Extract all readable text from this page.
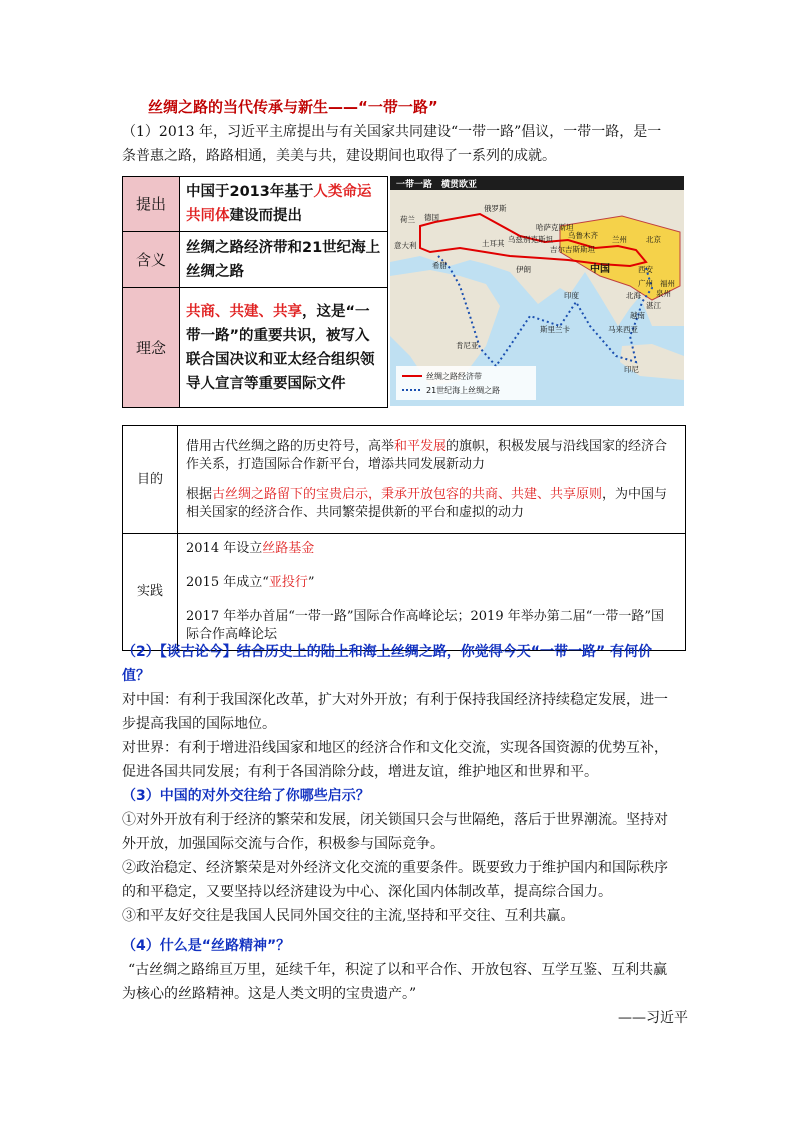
丝绸之路的当代传承与新生——“一带一路”
（1）2013 年，习近平主席提出与有关国家共同建设“一带一路”倡议，一带一路，是一
条普惠之路，路路相通，美美与共，建设期间也取得了一系列的成就。
提出	中国于2013年基于人类命运共同体建设而提出
含义	丝绸之路经济带和21世纪海上丝绸之路
理念	共商、共建、共享，这是“一带一路”的重要共识，被写入联合国决议和亚太经合组织领导人宣言等重要国际文件
一带一路　横贯欧亚
荷兰 德国
俄罗斯
意大利
哈萨克斯坦
土耳其
乌鲁木齐
乌兹别克斯坦
吉尔吉斯斯坦
兰州	北京
西安
希腊	伊朗	中国
印度
广州 福州
泉州
北海
湛江
越南
斯里兰卡	马来西亚
肯尼亚
印尼
丝绸之路经济带
21世纪海上丝绸之路
目的	借用古代丝绸之路的历史符号，高举和平发展的旗帜，积极发展与沿线国家的经济合作关系，打造国际合作新平台，增添共同发展新动力

根据古丝绸之路留下的宝贵启示，秉承开放包容的共商、共建、共享原则，为中国与相关国家的经济合作、共同繁荣提供新的平台和虚拟的动力

实践	2014 年设立丝路基金

2015 年成立“亚投行”

2017 年举办首届“一带一路”国际合作高峰论坛；2019 年举办第二届“一带一路”国际合作高峰论坛

（2）【谈古论今】结合历史上的陆上和海上丝绸之路，你觉得今天“一带一路” 有何价
值？
对中国：有利于我国深化改革，扩大对外开放；有利于保持我国经济持续稳定发展，进一
步提高我国的国际地位。
对世界：有利于增进沿线国家和地区的经济合作和文化交流，实现各国资源的优势互补，
促进各国共同发展；有利于各国消除分歧，增进友谊，维护地区和世界和平。
（3）中国的对外交往给了你哪些启示？
①对外开放有利于经济的繁荣和发展，闭关锁国只会与世隔绝，落后于世界潮流。坚持对
外开放，加强国际交流与合作，积极参与国际竞争。
②政治稳定、经济繁荣是对外经济文化交流的重要条件。既要致力于维护国内和国际秩序
的和平稳定，又要坚持以经济建设为中心、深化国内体制改革，提高综合国力。
③和平友好交往是我国人民同外国交往的主流,坚持和平交往、互利共赢。
（4）什么是“丝路精神”？
“古丝绸之路绵亘万里，延续千年，积淀了以和平合作、开放包容、互学互鉴、互利共赢
为核心的丝路精神。这是人类文明的宝贵遗产。”
——习近平
